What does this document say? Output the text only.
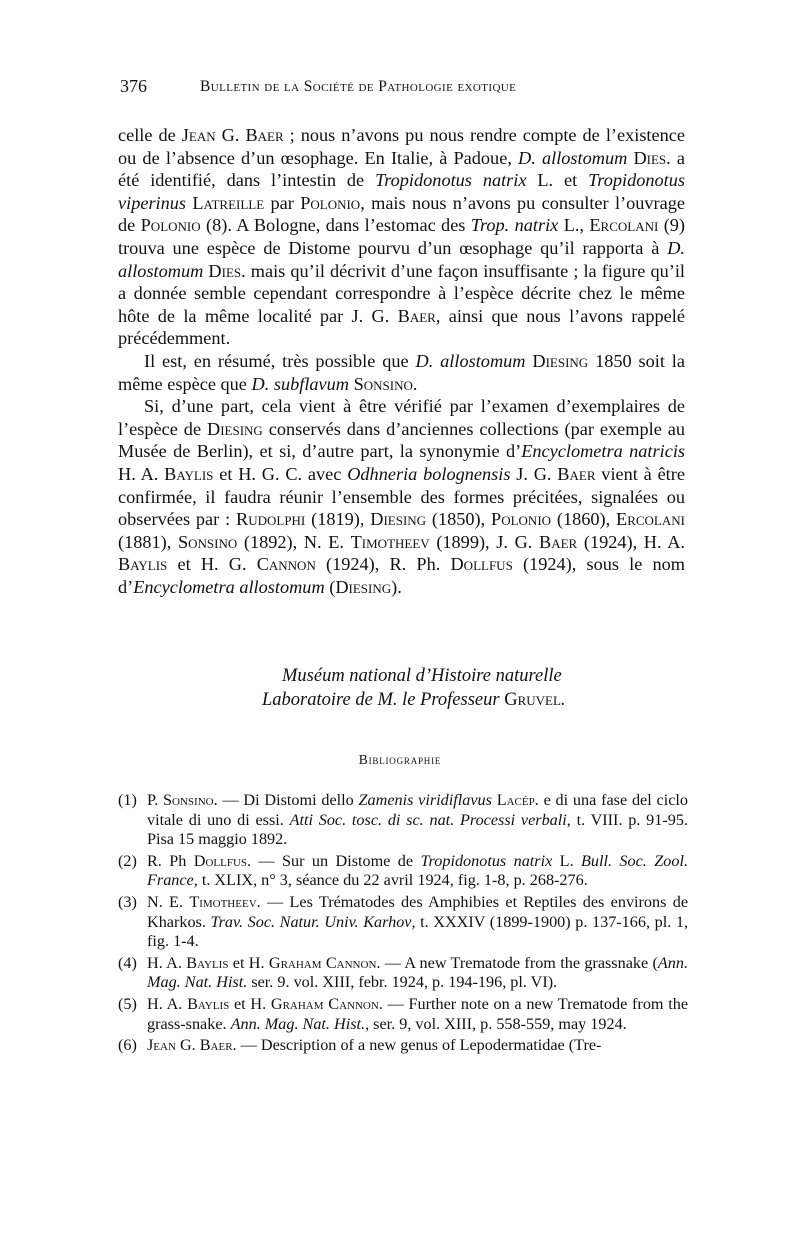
376	Bulletin de la Société de Pathologie exotique

celle de Jean G. Baer ; nous n’avons pu nous rendre compte de l’existence ou de l’absence d’un œsophage. En Italie, à Padoue, D. allostomum Dies. a été identifié, dans l’intestin de Tropidonotus natrix L. et Tropidonotus viperinus Latreille par Polonio, mais nous n’avons pu consulter l’ouvrage de Polonio (8). A Bologne, dans l’estomac des Trop. natrix L., Ercolani (9) trouva une espèce de Distome pourvu d’un œsophage qu’il rapporta à D. allostomum Dies. mais qu’il décrivit d’une façon insuffisante ; la figure qu’il a donnée semble cependant correspondre à l’espèce décrite chez le même hôte de la même localité par J. G. Baer, ainsi que nous l’avons rappelé précédemment.

Il est, en résumé, très possible que D. allostomum Diesing 1850 soit la même espèce que D. subflavum Sonsino.

Si, d’une part, cela vient à être vérifié par l’examen d’exemplaires de l’espèce de Diesing conservés dans d’anciennes collections (par exemple au Musée de Berlin), et si, d’autre part, la synonymie d’Encyclometra natricis H. A. Baylis et H. G. C. avec Odhneria bolognensis J. G. Baer vient à être confirmée, il faudra réunir l’ensemble des formes précitées, signalées ou observées par : Rudolphi (1819), Diesing (1850), Polonio (1860), Ercolani (1881), Sonsino (1892), N. E. Timotheev (1899), J. G. Baer (1924), H. A. Baylis et H. G. Cannon (1924), R. Ph. Dollfus (1924), sous le nom d’Encyclometra allostomum (Diesing).

Muséum national d’Histoire naturelle
Laboratoire de M. le Professeur Gruvel.
Bibliographie
(1) P. Sonsino. — Di Distomi dello Zamenis viridiflavus Lacép. e di una fase del ciclo vitale di uno di essi. Atti Soc. tosc. di sc. nat. Processi verbali, t. VIII. p. 91-95. Pisa 15 maggio 1892.
(2) R. Ph Dollfus. — Sur un Distome de Tropidonotus natrix L. Bull. Soc. Zool. France, t. XLIX, n° 3, séance du 22 avril 1924, fig. 1-8, p. 268-276.
(3) N. E. Timotheev. — Les Trématodes des Amphibies et Reptiles des environs de Kharkos. Trav. Soc. Natur. Univ. Karhov, t. XXXIV (1899-1900) p. 137-166, pl. 1, fig. 1-4.
(4) H. A. Baylis et H. Graham Cannon. — A new Trematode from the grassnake (Ann. Mag. Nat. Hist. ser. 9. vol. XIII, febr. 1924, p. 194-196, pl. VI).
(5) H. A. Baylis et H. Graham Cannon. — Further note on a new Trematode from the grass-snake. Ann. Mag. Nat. Hist., ser. 9, vol. XIII, p. 558-559, may 1924.
(6) Jean G. Baer. — Description of a new genus of Lepodermatidae (Tre-
